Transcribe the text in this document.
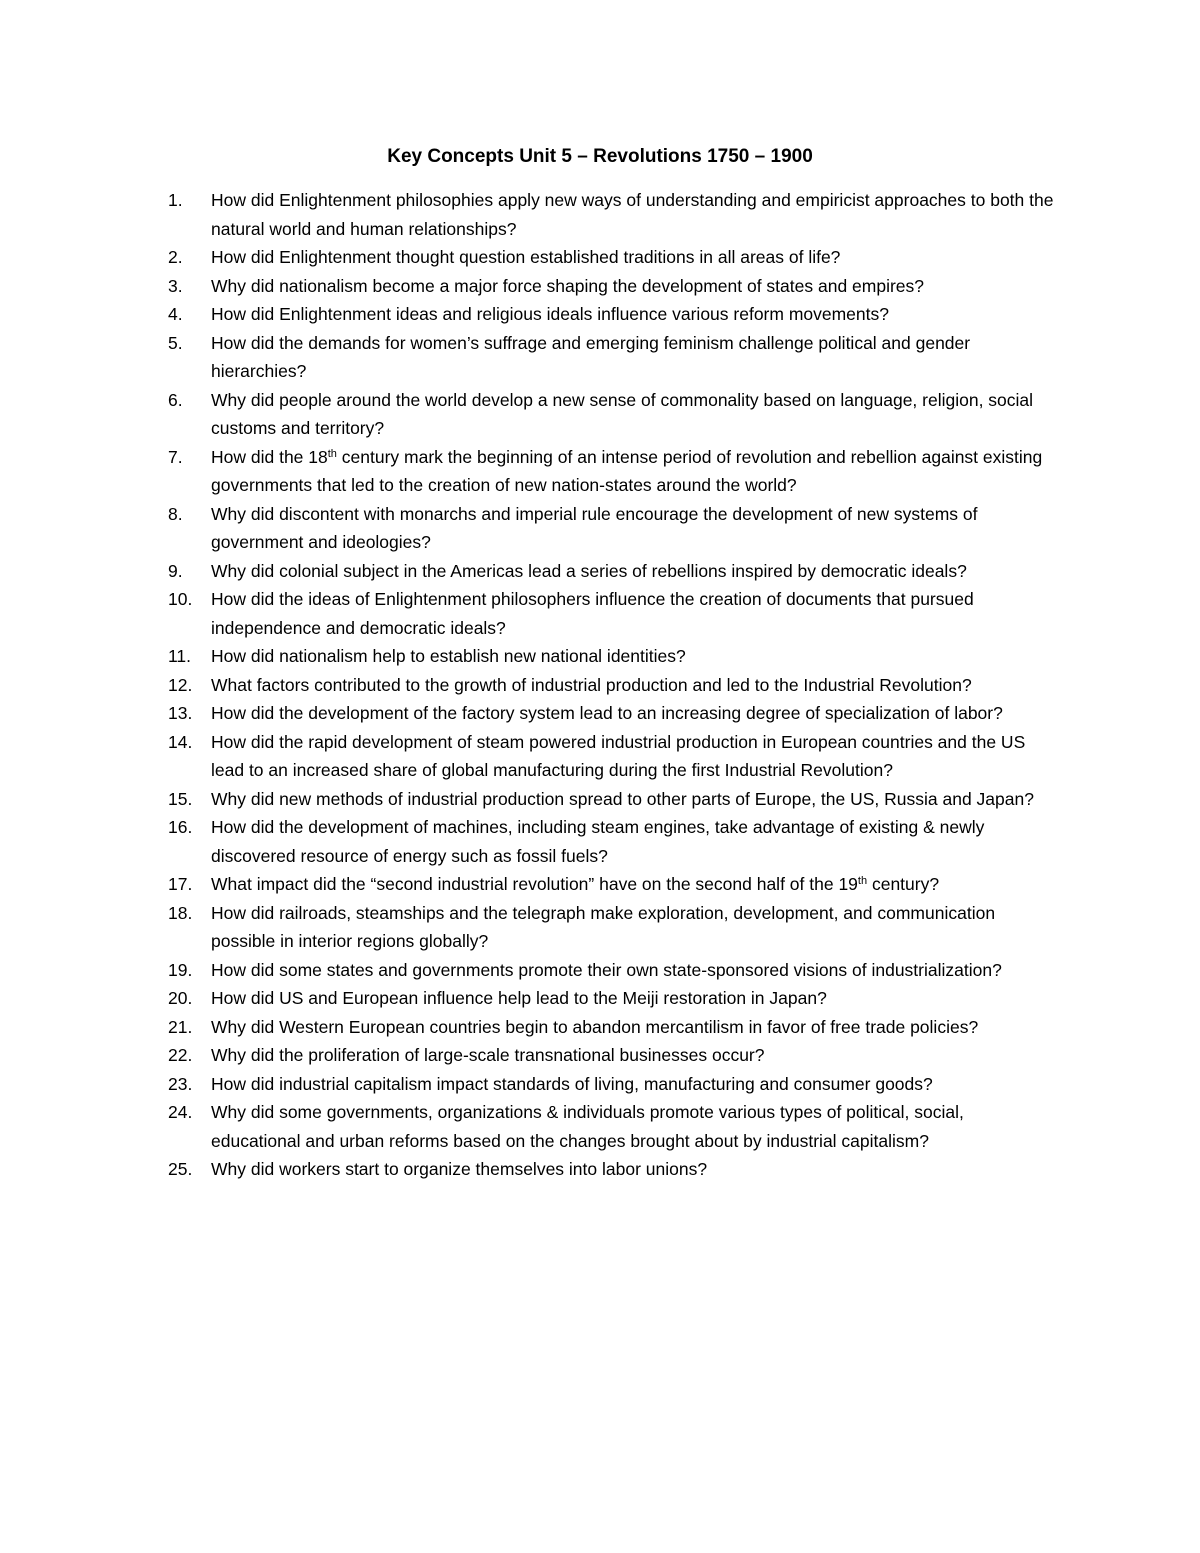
Key Concepts Unit 5 – Revolutions 1750 – 1900
1.	How did Enlightenment philosophies apply new ways of understanding and empiricist approaches to both the natural world and human relationships?
2.	How did Enlightenment thought question established traditions in all areas of life?
3.	Why did nationalism become a major force shaping the development of states and empires?
4.	How did Enlightenment ideas and religious ideals influence various reform movements?
5.	How did the demands for women’s suffrage and emerging feminism challenge political and gender hierarchies?
6.	Why did people around the world develop a new sense of commonality based on language, religion, social customs and territory?
7.	How did the 18th century mark the beginning of an intense period of revolution and rebellion against existing governments that led to the creation of new nation-states around the world?
8.	Why did discontent with monarchs and imperial rule encourage the development of new systems of government and ideologies?
9.	Why did colonial subject in the Americas lead a series of rebellions inspired by democratic ideals?
10.	How did the ideas of Enlightenment philosophers influence the creation of documents that pursued independence and democratic ideals?
11.	How did nationalism help to establish new national identities?
12.	What factors contributed to the growth of industrial production and led to the Industrial Revolution?
13.	How did the development of the factory system lead to an increasing degree of specialization of labor?
14.	How did the rapid development of steam powered industrial production in European countries and the US lead to an increased share of global manufacturing during the first Industrial Revolution?
15.	Why did new methods of industrial production spread to other parts of Europe, the US, Russia and Japan?
16.	How did the development of machines, including steam engines, take advantage of existing & newly discovered resource of energy such as fossil fuels?
17.	What impact did the “second industrial revolution” have on the second half of the 19th century?
18.	How did railroads, steamships and the telegraph make exploration, development, and communication possible in interior regions globally?
19.	How did some states and governments promote their own state-sponsored visions of industrialization?
20.	How did US and European influence help lead to the Meiji restoration in Japan?
21.	Why did Western European countries begin to abandon mercantilism in favor of free trade policies?
22.	Why did the proliferation of large-scale transnational businesses occur?
23.	How did industrial capitalism impact standards of living, manufacturing and consumer goods?
24.	Why did some governments, organizations & individuals promote various types of political, social, educational and urban reforms based on the changes brought about by industrial capitalism?
25.	Why did workers start to organize themselves into labor unions?
